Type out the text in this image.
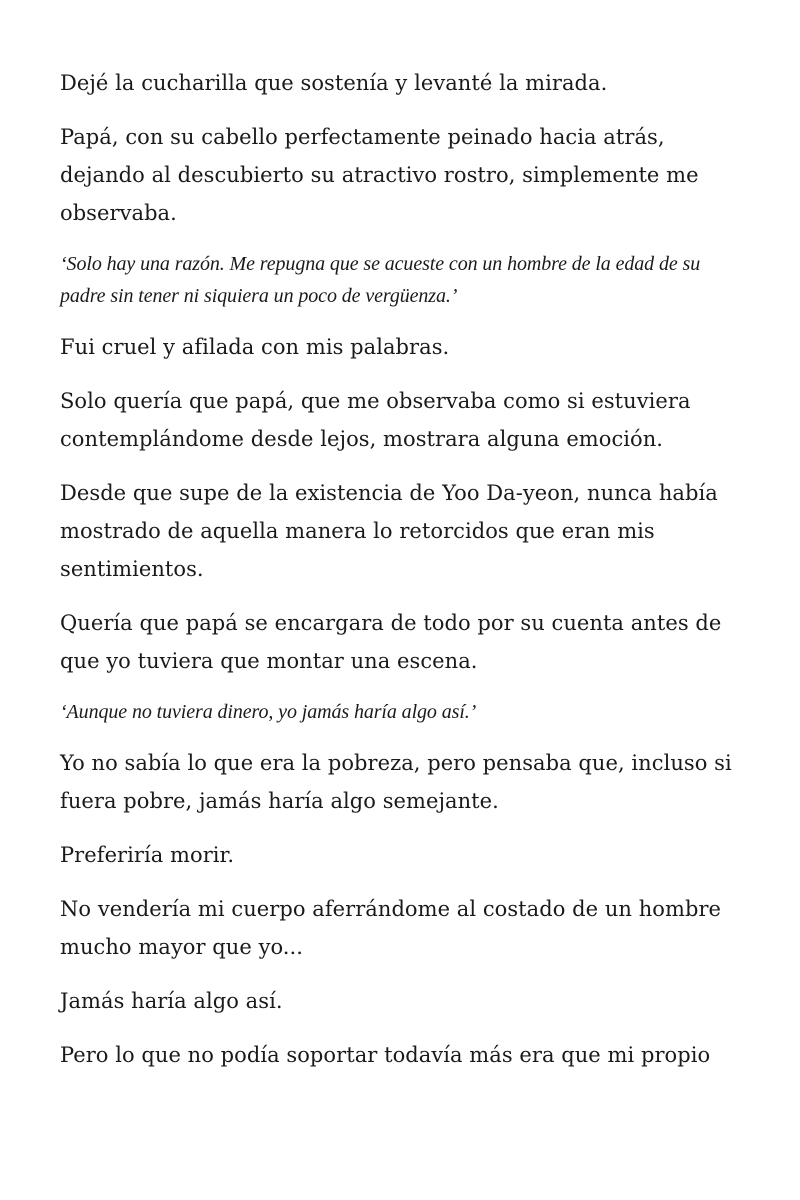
Dejé la cucharilla que sostenía y levanté la mirada.

Papá, con su cabello perfectamente peinado hacia atrás, dejando al descubierto su atractivo rostro, simplemente me observaba.

‘Solo hay una razón. Me repugna que se acueste con un hombre de la edad de su padre sin tener ni siquiera un poco de vergüenza.’

Fui cruel y afilada con mis palabras.

Solo quería que papá, que me observaba como si estuviera contemplándome desde lejos, mostrara alguna emoción.

Desde que supe de la existencia de Yoo Da-yeon, nunca había mostrado de aquella manera lo retorcidos que eran mis sentimientos.

Quería que papá se encargara de todo por su cuenta antes de que yo tuviera que montar una escena.

‘Aunque no tuviera dinero, yo jamás haría algo así.’

Yo no sabía lo que era la pobreza, pero pensaba que, incluso si fuera pobre, jamás haría algo semejante.

Preferiría morir.

No vendería mi cuerpo aferrándome al costado de un hombre mucho mayor que yo...

Jamás haría algo así.

Pero lo que no podía soportar todavía más era que mi propio
